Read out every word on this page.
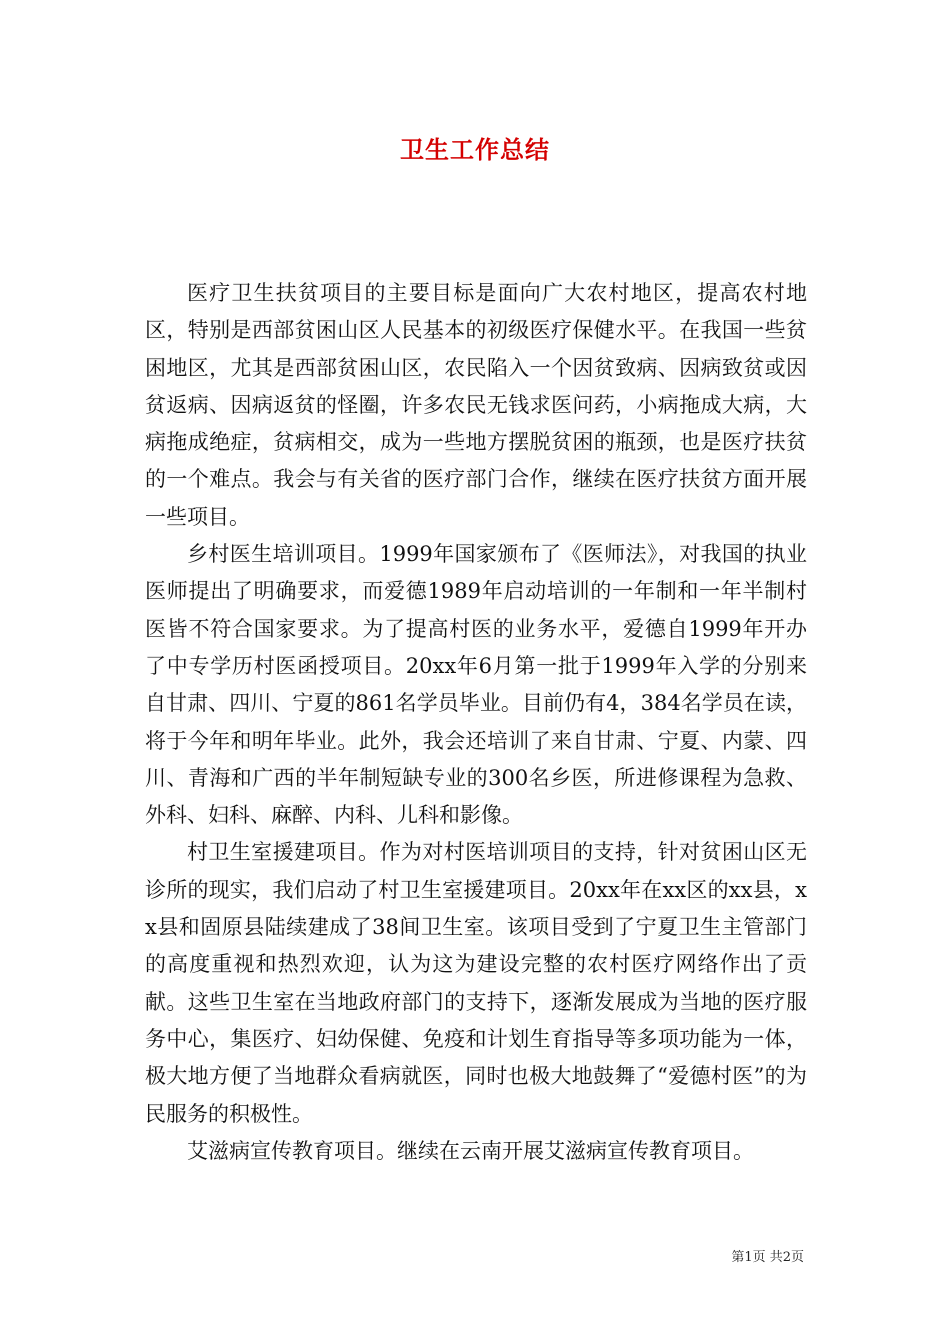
卫生工作总结

医疗卫生扶贫项目的主要目标是面向广大农村地区，提高农村地区，特别是西部贫困山区人民基本的初级医疗保健水平。在我国一些贫困地区，尤其是西部贫困山区，农民陷入一个因贫致病、因病致贫或因贫返病、因病返贫的怪圈，许多农民无钱求医问药，小病拖成大病，大病拖成绝症，贫病相交，成为一些地方摆脱贫困的瓶颈，也是医疗扶贫的一个难点。我会与有关省的医疗部门合作，继续在医疗扶贫方面开展一些项目。

乡村医生培训项目。1999年国家颁布了《医师法》，对我国的执业医师提出了明确要求，而爱德1989年启动培训的一年制和一年半制村医皆不符合国家要求。为了提高村医的业务水平，爱德自1999年开办了中专学历村医函授项目。20xx年6月第一批于1999年入学的分别来自甘肃、四川、宁夏的861名学员毕业。目前仍有4，384名学员在读，将于今年和明年毕业。此外，我会还培训了来自甘肃、宁夏、内蒙、四川、青海和广西的半年制短缺专业的300名乡医，所进修课程为急救、外科、妇科、麻醉、内科、儿科和影像。

村卫生室援建项目。作为对村医培训项目的支持，针对贫困山区无诊所的现实，我们启动了村卫生室援建项目。20xx年在xx区的xx县，xx县和固原县陆续建成了38间卫生室。该项目受到了宁夏卫生主管部门的高度重视和热烈欢迎，认为这为建设完整的农村医疗网络作出了贡献。这些卫生室在当地政府部门的支持下，逐渐发展成为当地的医疗服务中心，集医疗、妇幼保健、免疫和计划生育指导等多项功能为一体，极大地方便了当地群众看病就医，同时也极大地鼓舞了“爱德村医”的为民服务的积极性。

艾滋病宣传教育项目。继续在云南开展艾滋病宣传教育项目。

第1页 共2页
